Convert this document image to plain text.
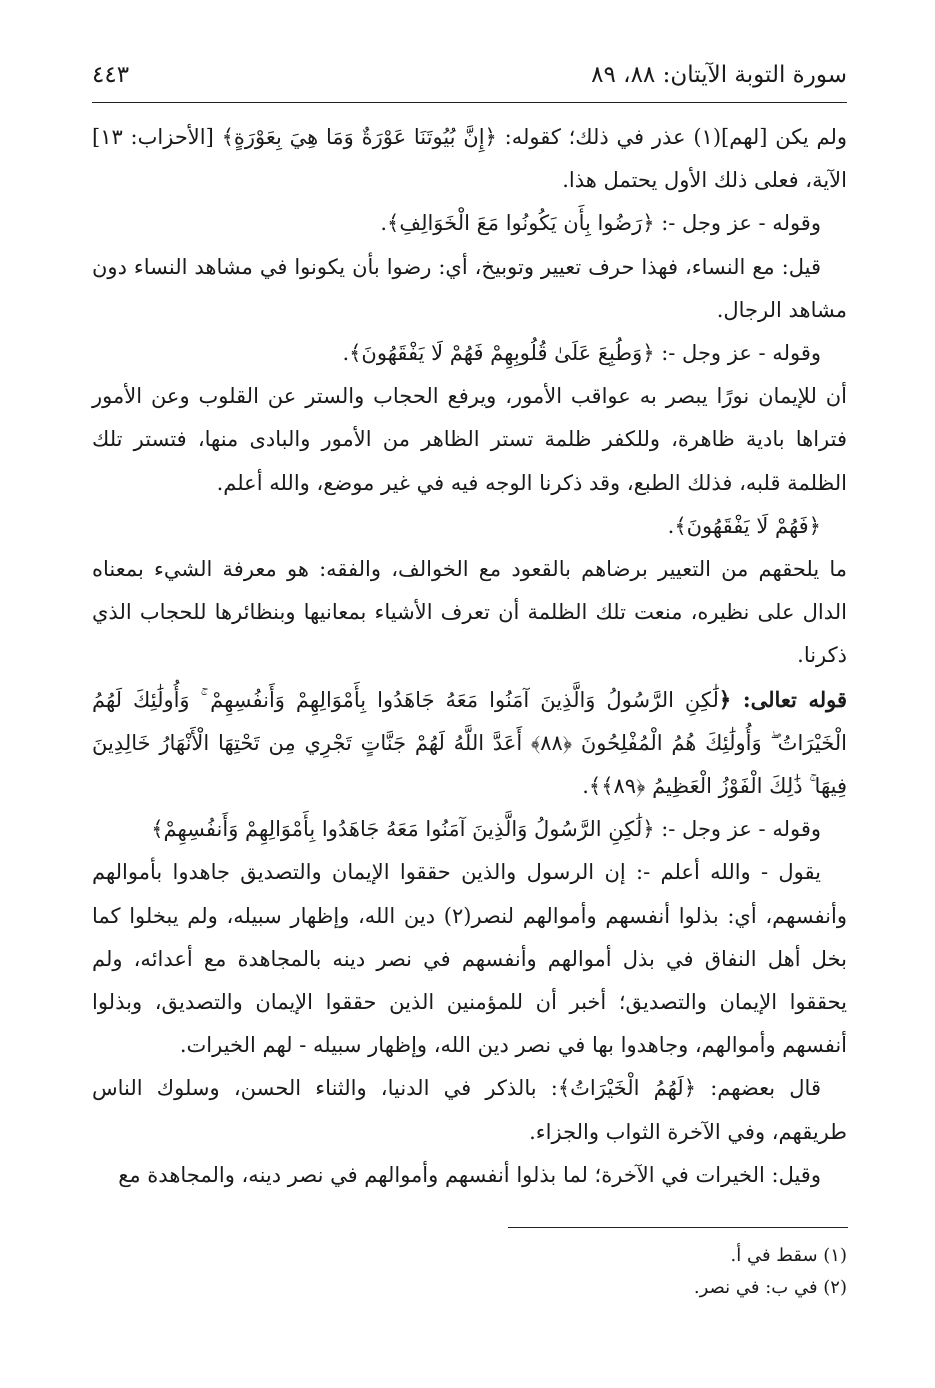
سورة التوبة الآيتان: ٨٨، ٨٩
٤٤٣

ولم يكن [لهم](١) عذر في ذلك؛ كقوله: ﴿إِنَّ بُيُوتَنَا عَوْرَةٌ وَمَا هِيَ بِعَوْرَةٍ﴾ [الأحزاب: ١٣] الآية، فعلى ذلك الأول يحتمل هذا.

وقوله - عز وجل -: ﴿رَضُوا بِأَن يَكُونُوا مَعَ الْخَوَالِفِ﴾.

قيل: مع النساء، فهذا حرف تعيير وتوبيخ، أي: رضوا بأن يكونوا في مشاهد النساء دون مشاهد الرجال.

وقوله - عز وجل -: ﴿وَطُبِعَ عَلَىٰ قُلُوبِهِمْ فَهُمْ لَا يَفْقَهُونَ﴾.

أن للإيمان نورًا يبصر به عواقب الأمور، ويرفع الحجاب والستر عن القلوب وعن الأمور فتراها بادية ظاهرة، وللكفر ظلمة تستر الظاهر من الأمور والبادى منها، فتستر تلك الظلمة قلبه، فذلك الطبع، وقد ذكرنا الوجه فيه في غير موضع، والله أعلم.

﴿فَهُمْ لَا يَفْقَهُونَ﴾.

ما يلحقهم من التعيير برضاهم بالقعود مع الخوالف، والفقه: هو معرفة الشيء بمعناه الدال على نظيره، منعت تلك الظلمة أن تعرف الأشياء بمعانيها وبنظائرها للحجاب الذي ذكرنا.

قوله تعالى: ﴿لَٰكِنِ الرَّسُولُ وَالَّذِينَ آمَنُوا مَعَهُ جَاهَدُوا بِأَمْوَالِهِمْ وَأَنفُسِهِمْ ۚ وَأُولَٰئِكَ لَهُمُ الْخَيْرَاتُ ۖ وَأُولَٰئِكَ هُمُ الْمُفْلِحُونَ ﴿٨٨﴾ أَعَدَّ اللَّهُ لَهُمْ جَنَّاتٍ تَجْرِي مِن تَحْتِهَا الْأَنْهَارُ خَالِدِينَ فِيهَا ۚ ذَٰلِكَ الْفَوْزُ الْعَظِيمُ ﴿٨٩﴾﴾.

وقوله - عز وجل -: ﴿لَٰكِنِ الرَّسُولُ وَالَّذِينَ آمَنُوا مَعَهُ جَاهَدُوا بِأَمْوَالِهِمْ وَأَنفُسِهِمْ﴾

يقول - والله أعلم -: إن الرسول والذين حققوا الإيمان والتصديق جاهدوا بأموالهم وأنفسهم، أي: بذلوا أنفسهم وأموالهم لنصر(٢) دين الله، وإظهار سبيله، ولم يبخلوا كما بخل أهل النفاق في بذل أموالهم وأنفسهم في نصر دينه بالمجاهدة مع أعدائه، ولم يحققوا الإيمان والتصديق؛ أخبر أن للمؤمنين الذين حققوا الإيمان والتصديق، وبذلوا أنفسهم وأموالهم، وجاهدوا بها في نصر دين الله، وإظهار سبيله - لهم الخيرات.

قال بعضهم: ﴿لَهُمُ الْخَيْرَاتُ﴾: بالذكر في الدنيا، والثناء الحسن، وسلوك الناس طريقهم، وفي الآخرة الثواب والجزاء.

وقيل: الخيرات في الآخرة؛ لما بذلوا أنفسهم وأموالهم في نصر دينه، والمجاهدة مع

(١) سقط في أ.

(٢) في ب: في نصر.
